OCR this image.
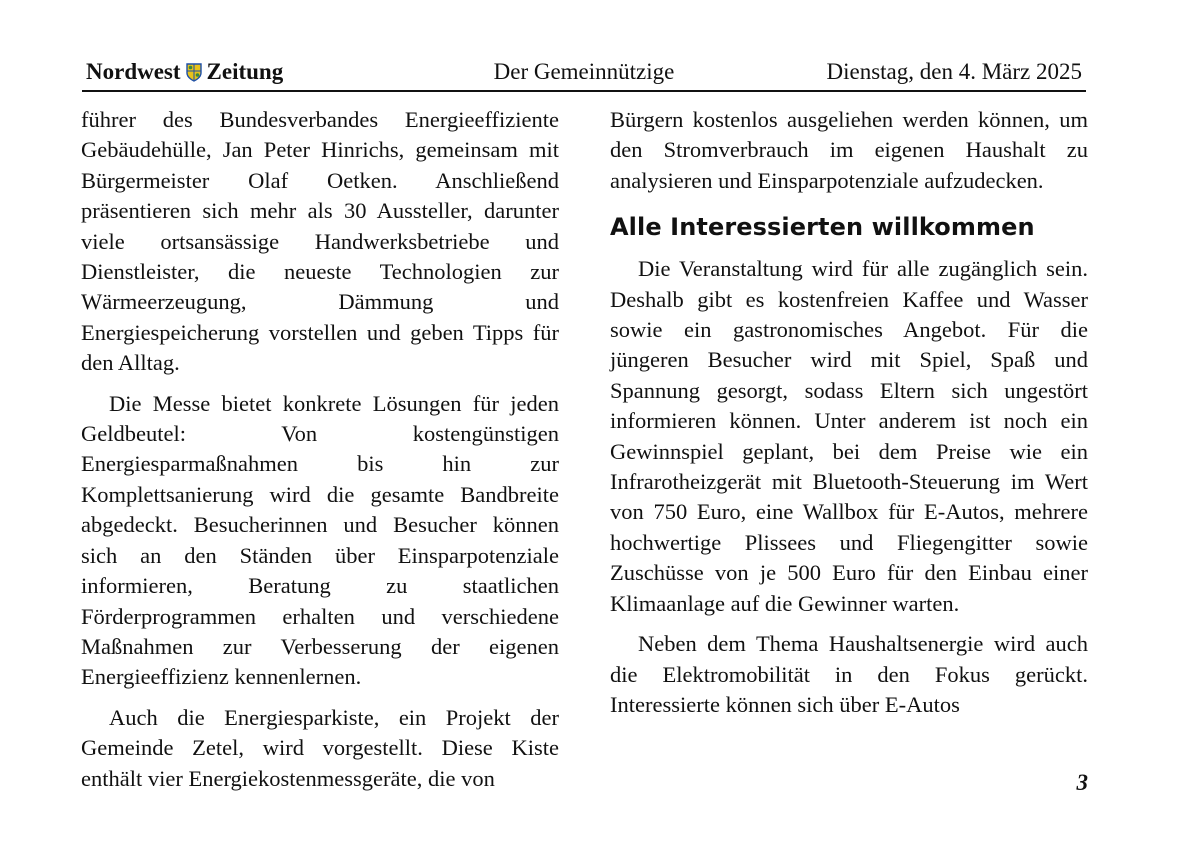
Nordwest Zeitung	Der Gemeinnützige	Dienstag, den 4. März 2025

führer des Bundesverbandes Energieeffiziente Gebäudehülle, Jan Peter Hinrichs, gemeinsam mit Bürgermeister Olaf Oetken. Anschließend präsentieren sich mehr als 30 Aussteller, darunter viele ortsansässige Handwerksbetriebe und Dienstleister, die neueste Technologien zur Wärmeerzeugung, Dämmung und Energiespeicherung vorstellen und geben Tipps für den Alltag.

Die Messe bietet konkrete Lösungen für jeden Geldbeutel: Von kostengünstigen Energiesparmaßnahmen bis hin zur Komplettsanierung wird die gesamte Bandbreite abgedeckt. Besucherinnen und Besucher können sich an den Ständen über Einsparpotenziale informieren, Beratung zu staatlichen Förderprogrammen erhalten und verschiedene Maßnahmen zur Verbesserung der eigenen Energieeffizienz kennenlernen.

Auch die Energiesparkiste, ein Projekt der Gemeinde Zetel, wird vorgestellt. Diese Kiste enthält vier Energiekostenmessgeräte, die von

Bürgern kostenlos ausgeliehen werden können, um den Stromverbrauch im eigenen Haushalt zu analysieren und Einsparpotenziale aufzudecken.

Alle Interessierten willkommen

Die Veranstaltung wird für alle zugänglich sein. Deshalb gibt es kostenfreien Kaffee und Wasser sowie ein gastronomisches Angebot. Für die jüngeren Besucher wird mit Spiel, Spaß und Spannung gesorgt, sodass Eltern sich ungestört informieren können. Unter anderem ist noch ein Gewinnspiel geplant, bei dem Preise wie ein Infrarotheizgerät mit Bluetooth-Steuerung im Wert von 750 Euro, eine Wallbox für E-Autos, mehrere hochwertige Plissees und Fliegengitter sowie Zuschüsse von je 500 Euro für den Einbau einer Klimaanlage auf die Gewinner warten.

Neben dem Thema Haushaltsenergie wird auch die Elektromobilität in den Fokus gerückt. Interessierte können sich über E-Autos

3
